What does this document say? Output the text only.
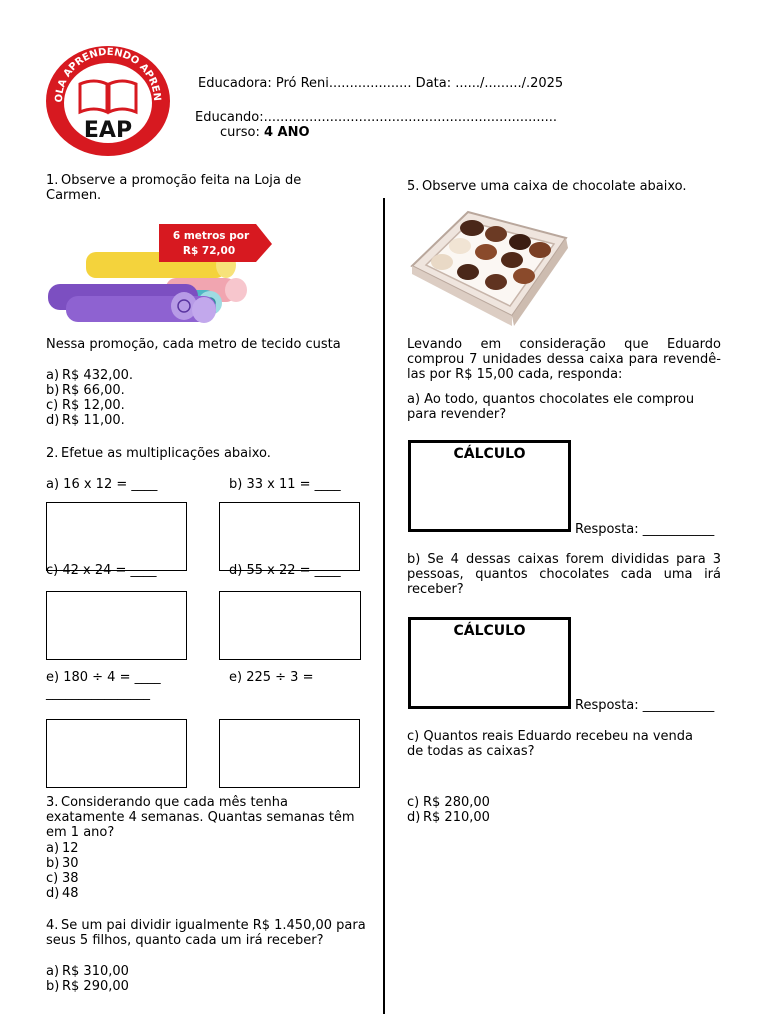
OLA APRENDENDO APREN
EAP
Educadora: Pró Reni.................... Data: ....../........./.2025
Educando:.......................................................................
curso: 4 ANO
1. Observe a promoção feita na Loja de Carmen.
6 metros por
R$ 72,00
Nessa promoção, cada metro de tecido custa
a) R$ 432,00.
b) R$ 66,00.
c) R$ 12,00.
d) R$ 11,00.
2. Efetue as multiplicações abaixo.
a) 16 x 12 = ____	b) 33 x 11 = ____
c) 42 x 24 = ____	d) 55 x 22 = ____
e) 180 ÷ 4 = ____	e) 225 ÷ 3 =
________________
3. Considerando que cada mês tenha exatamente 4 semanas. Quantas semanas têm em 1 ano?
a) 12
b) 30
c) 38
d) 48
4. Se um pai dividir igualmente R$ 1.450,00 para seus 5 filhos, quanto cada um irá receber?
a) R$ 310,00
b) R$ 290,00
5. Observe uma caixa de chocolate abaixo.
Levando em consideração que Eduardo comprou 7 unidades dessa caixa para revendê-las por R$ 15,00 cada, responda:
a) Ao todo, quantos chocolates ele comprou para revender?
CÁLCULO
Resposta: ___________
b) Se 4 dessas caixas forem divididas para 3 pessoas, quantos chocolates cada uma irá receber?
CÁLCULO
Resposta: ___________
c) Quantos reais Eduardo recebeu na venda de todas as caixas?
c) R$ 280,00
d) R$ 210,00
